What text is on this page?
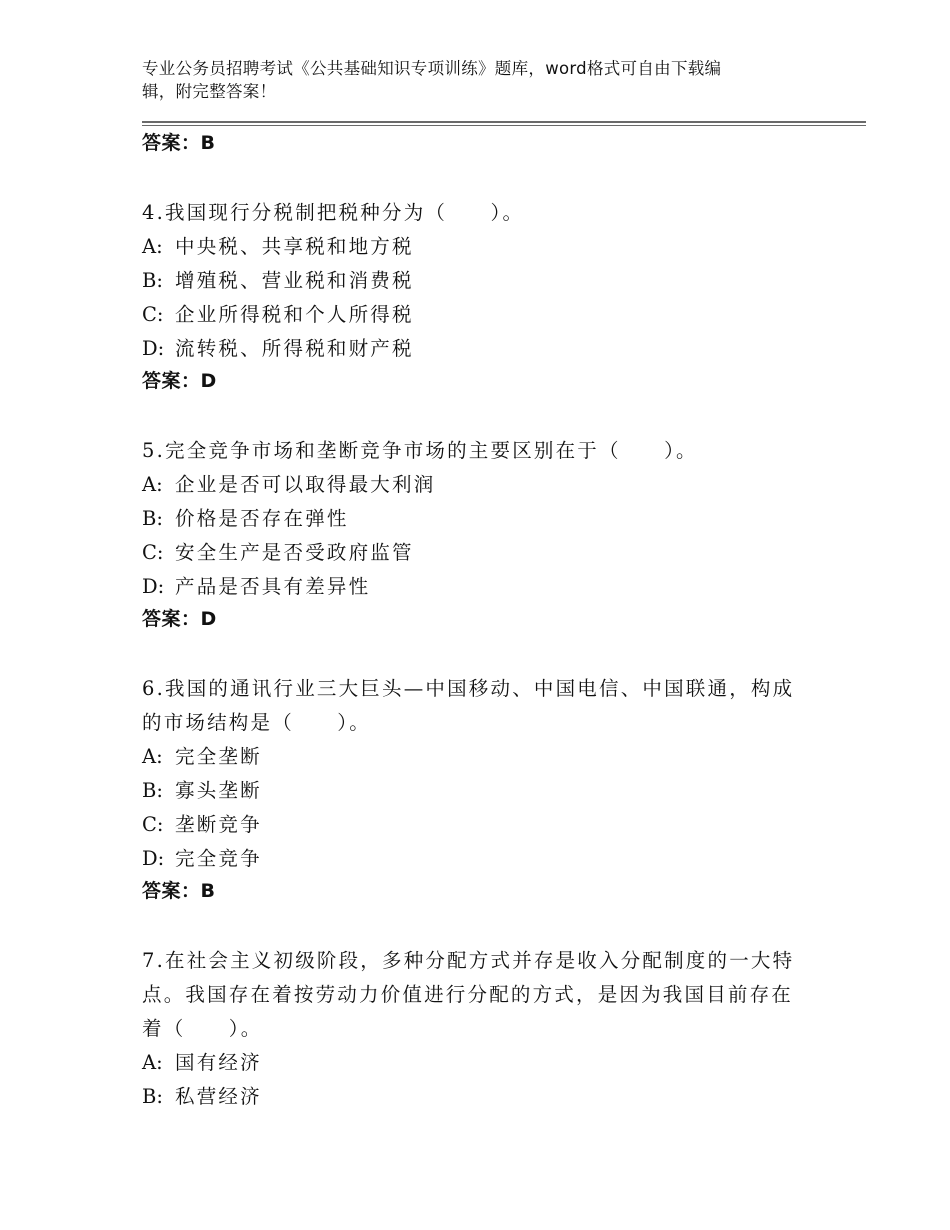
专业公务员招聘考试《公共基础知识专项训练》题库，word格式可自由下载编
辑，附完整答案！
答案：B
4.我国现行分税制把税种分为（　　）。
A: 中央税、共享税和地方税
B: 增殖税、营业税和消费税
C: 企业所得税和个人所得税
D: 流转税、所得税和财产税
答案：D
5.完全竞争市场和垄断竞争市场的主要区别在于（　　）。
A: 企业是否可以取得最大利润
B: 价格是否存在弹性
C: 安全生产是否受政府监管
D: 产品是否具有差异性
答案：D
6.我国的通讯行业三大巨头—中国移动、中国电信、中国联通，构成
的市场结构是（　　）。
A: 完全垄断
B: 寡头垄断
C: 垄断竞争
D: 完全竞争
答案：B
7.在社会主义初级阶段，多种分配方式并存是收入分配制度的一大特
点。我国存在着按劳动力价值进行分配的方式，是因为我国目前存在
着（　　）。
A: 国有经济
B: 私营经济
